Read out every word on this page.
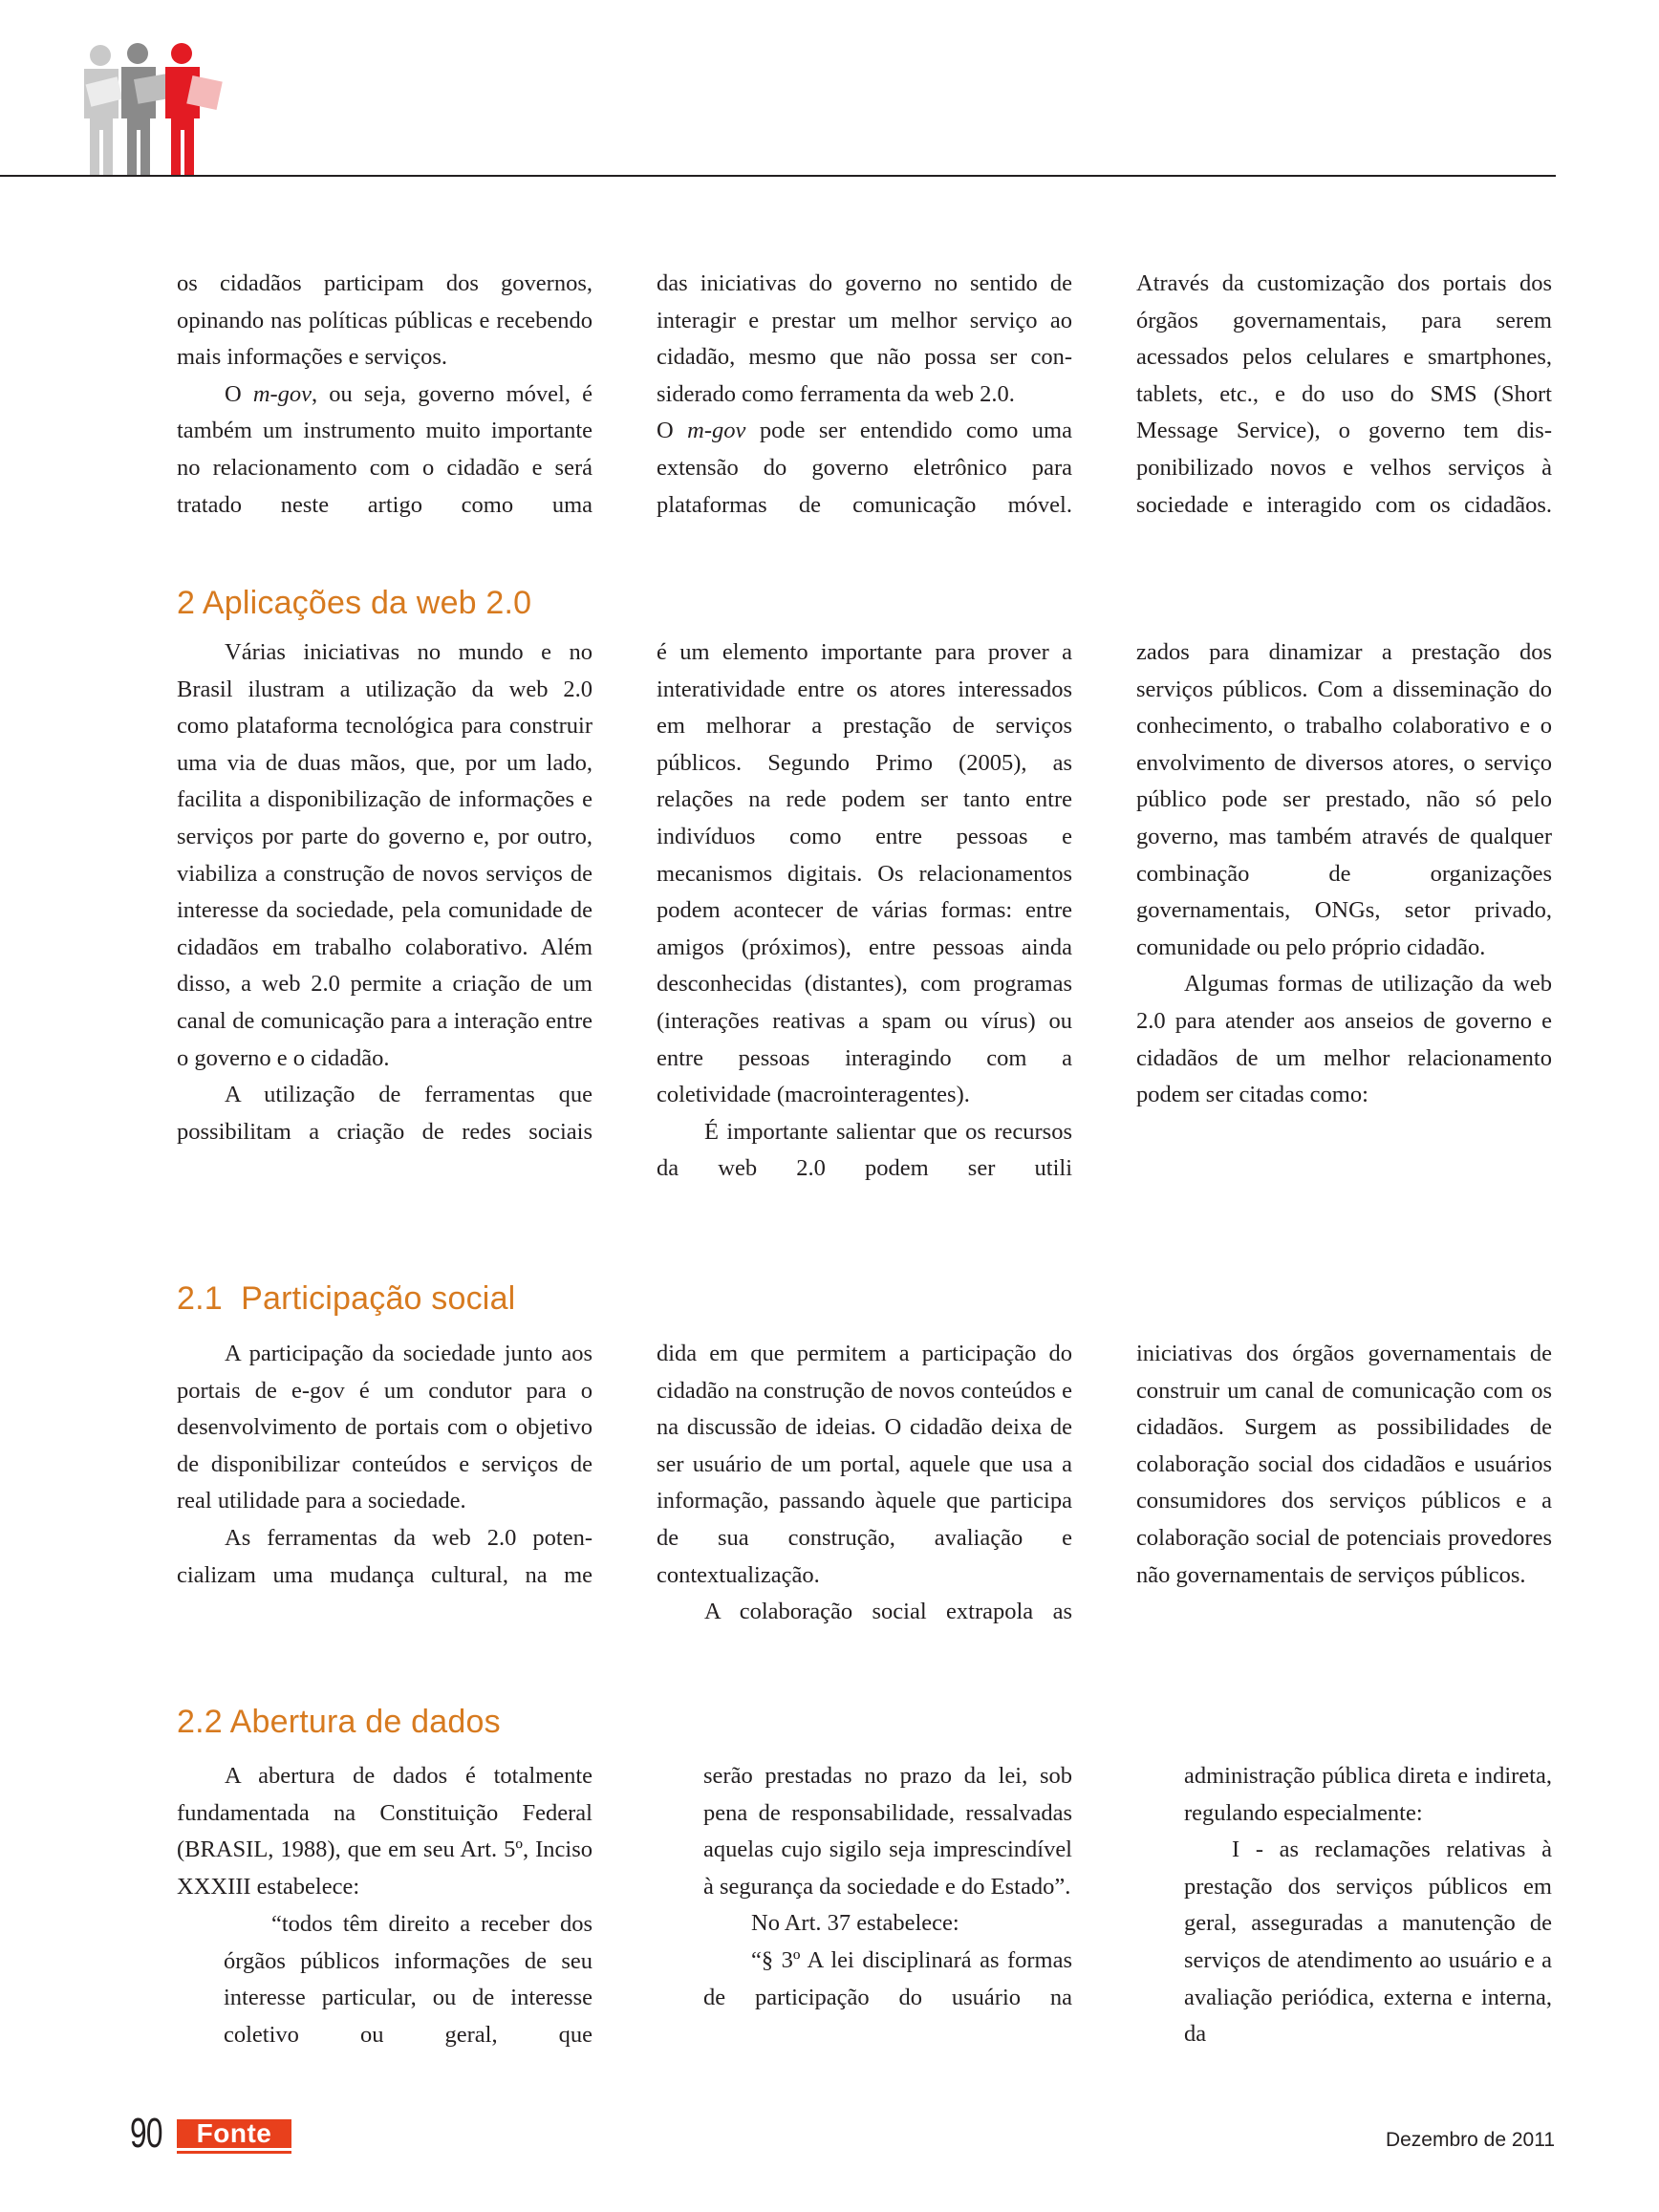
os cidadãos participam dos governos, opinando nas políticas públicas e recebendo mais informações e serviços.

O m-gov, ou seja, governo móvel, é também um instrumento muito importante no relacionamento com o cidadão e será tratado neste artigo como uma

das iniciativas do governo no sentido de interagir e prestar um melhor serviço ao cidadão, mesmo que não possa ser considerado como ferramenta da web 2.0.

O m-gov pode ser entendido como uma extensão do governo eletrônico para plataformas de comunicação móvel.

Através da customização dos portais dos órgãos governamentais, para serem acessados pelos celulares e smartphones, tablets, etc., e do uso do SMS (Short Message Service), o governo tem disponibilizado novos e velhos serviços à sociedade e interagido com os cidadãos.

2 Aplicações da web 2.0

Várias iniciativas no mundo e no Brasil ilustram a utilização da web 2.0 como plataforma tecnológica para construir uma via de duas mãos, que, por um lado, facilita a disponibilização de informações e serviços por parte do governo e, por outro, viabiliza a construção de novos serviços de interesse da sociedade, pela comunidade de cidadãos em trabalho colaborativo. Além disso, a web 2.0 permite a criação de um canal de comunicação para a interação entre o governo e o cidadão.

A utilização de ferramentas que possibilitam a criação de redes sociais

é um elemento importante para prover a interatividade entre os atores interessados em melhorar a prestação de serviços públicos. Segundo Primo (2005), as relações na rede podem ser tanto entre indivíduos como entre pessoas e mecanismos digitais. Os relacionamentos podem acontecer de várias formas: entre amigos (próximos), entre pessoas ainda desconhecidas (distantes), com programas (interações reativas a spam ou vírus) ou entre pessoas interagindo com a coletividade (macrointeragentes).

É importante salientar que os recursos da web 2.0 podem ser utili

zados para dinamizar a prestação dos serviços públicos. Com a disseminação do conhecimento, o trabalho colaborativo e o envolvimento de diversos atores, o serviço público pode ser prestado, não só pelo governo, mas também através de qualquer combinação de organizações governamentais, ONGs, setor privado, comunidade ou pelo próprio cidadão.

Algumas formas de utilização da web 2.0 para atender aos anseios de governo e cidadãos de um melhor relacionamento podem ser citadas como:

2.1  Participação social

A participação da sociedade junto aos portais de e-gov é um condutor para o desenvolvimento de portais com o objetivo de disponibilizar conteúdos e serviços de real utilidade para a sociedade.

As ferramentas da web 2.0 potencializam uma mudança cultural, na me

dida em que permitem a participação do cidadão na construção de novos conteúdos e na discussão de ideias. O cidadão deixa de ser usuário de um portal, aquele que usa a informação, passando àquele que participa de sua construção, avaliação e contextualização.

A colaboração social extrapola as

iniciativas dos órgãos governamentais de construir um canal de comunicação com os cidadãos. Surgem as possibilidades de colaboração social dos cidadãos e usuários consumidores dos serviços públicos e a colaboração social de potenciais provedores não governamentais de serviços públicos.

2.2 Abertura de dados

A abertura de dados é totalmente fundamentada na Constituição Federal (BRASIL, 1988), que em seu Art. 5º, Inciso XXXIII estabelece:

“todos têm direito a receber dos órgãos públicos informações de seu interesse particular, ou de interesse coletivo ou geral, que

serão prestadas no prazo da lei, sob pena de responsabilidade, ressalvadas aquelas cujo sigilo seja imprescindível à segurança da sociedade e do Estado”.

No Art. 37 estabelece:

“§ 3º A lei disciplinará as formas de participação do usuário na

administração pública direta e indireta, regulando especialmente:

I - as reclamações relativas à prestação dos serviços públicos em geral, asseguradas a manutenção de serviços de atendimento ao usuário e a avaliação periódica, externa e interna, da

90	Fonte	Dezembro de 2011
